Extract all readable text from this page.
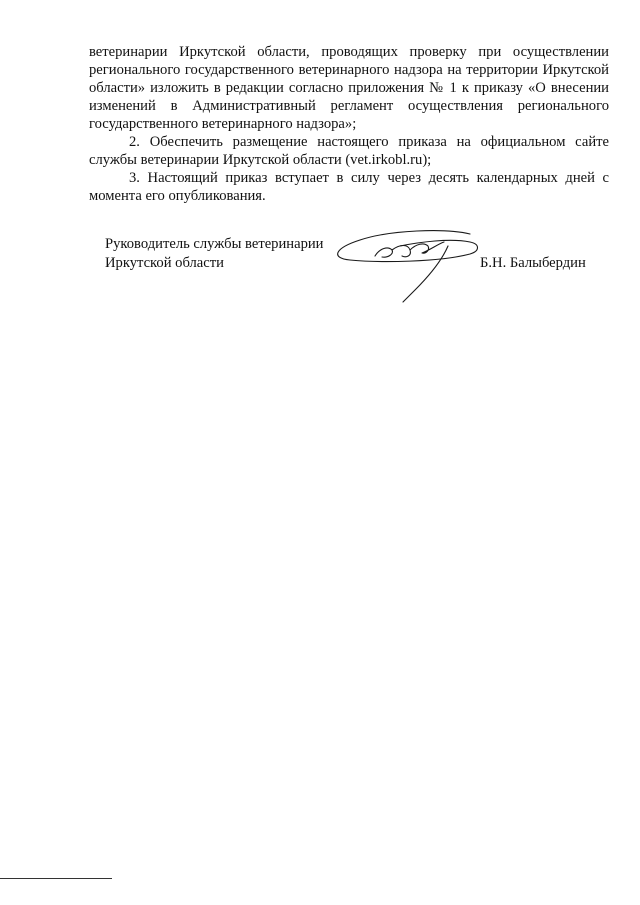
ветеринарии Иркутской области, проводящих проверку при осуществлении регионального государственного ветеринарного надзора на территории Иркутской области» изложить в редакции согласно приложения № 1 к приказу «О внесении изменений в Административный регламент осуществления регионального государственного ветеринарного надзора»;

2. Обеспечить размещение настоящего приказа на официальном сайте службы ветеринарии Иркутской области (vet.irkobl.ru);

3. Настоящий приказ вступает в силу через десять календарных дней с момента его опубликования.

Руководитель службы ветеринарии
Иркутской области	Б.Н. Балыбердин
